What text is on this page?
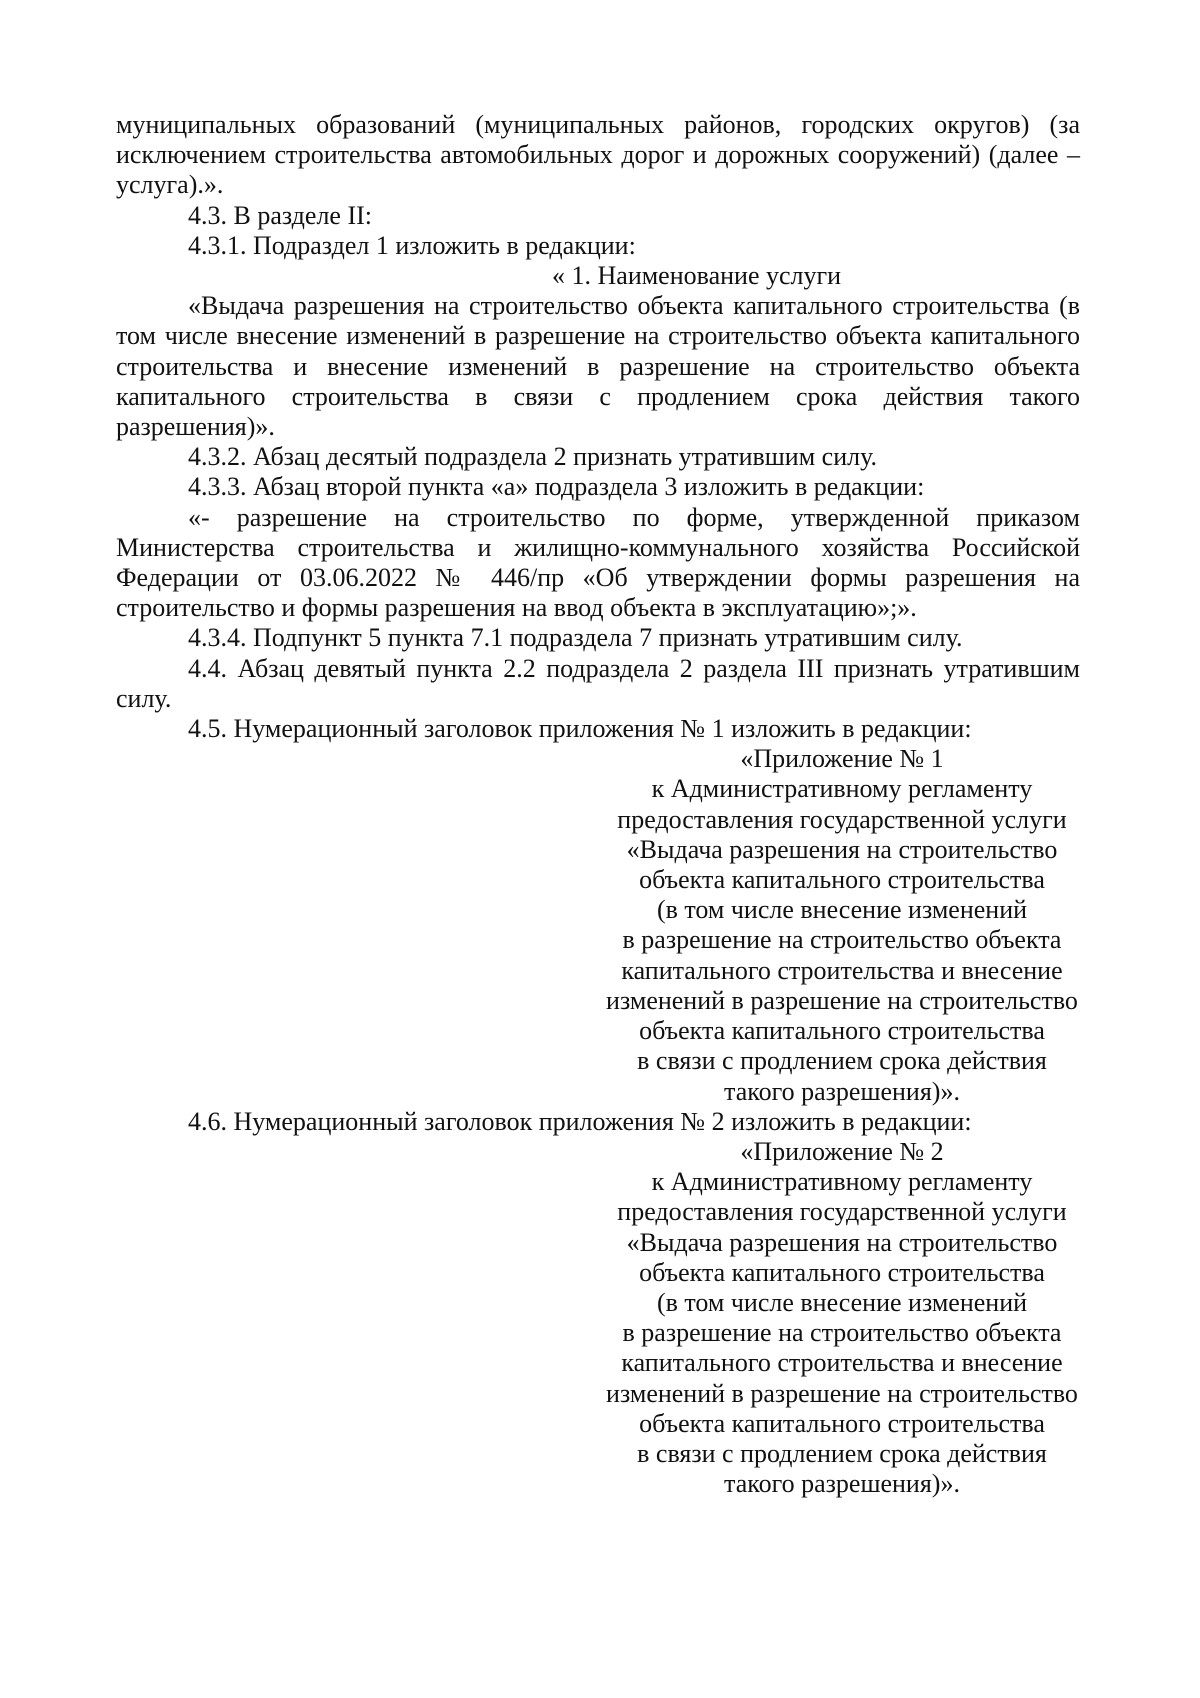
муниципальных образований (муниципальных районов, городских округов) (за

исключением строительства автомобильных дорог и дорожных сооружений) (далее –

услуга).».

4.3. В разделе II:

4.3.1. Подраздел 1 изложить в редакции:

« 1. Наименование услуги

«Выдача разрешения на строительство объекта капитального строительства (в том числе внесение изменений в разрешение на строительство объекта капитального строительства и внесение изменений в разрешение на строительство объекта капитального строительства в связи с продлением срока действия такого разрешения)».

4.3.2. Абзац десятый подраздела 2 признать утратившим силу.

4.3.3. Абзац второй пункта «а» подраздела 3 изложить в редакции:

«- разрешение на строительство по форме, утвержденной приказом Министерства строительства и жилищно-коммунального хозяйства Российской Федерации от 03.06.2022 № 446/пр «Об утверждении формы разрешения на строительство и формы разрешения на ввод объекта в эксплуатацию»;».

4.3.4. Подпункт 5 пункта 7.1 подраздела 7 признать утратившим силу.

4.4. Абзац девятый пункта 2.2 подраздела 2 раздела III признать утратившим силу.

4.5. Нумерационный заголовок приложения № 1 изложить в редакции:

«Приложение № 1
к Административному регламенту
предоставления государственной услуги
«Выдача разрешения на строительство
объекта капитального строительства
(в том числе внесение изменений
в разрешение на строительство объекта
капитального строительства и внесение
изменений в разрешение на строительство
объекта капитального строительства
в связи с продлением срока действия
такого разрешения)».

4.6. Нумерационный заголовок приложения № 2 изложить в редакции:

«Приложение № 2
к Административному регламенту
предоставления государственной услуги
«Выдача разрешения на строительство
объекта капитального строительства
(в том числе внесение изменений
в разрешение на строительство объекта
капитального строительства и внесение
изменений в разрешение на строительство
объекта капитального строительства
в связи с продлением срока действия
такого разрешения)».
